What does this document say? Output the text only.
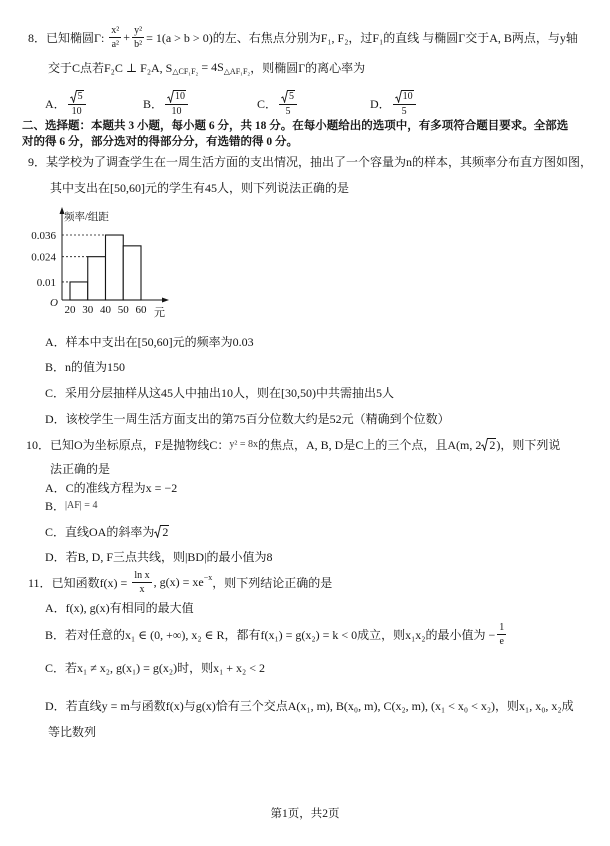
8． 已知椭圆Γ: $\frac{\text{x²}}{\text{a²}} + \frac{\text{y²}}{\text{b²}} = 1(a > b > 0)$的左、右焦点分别为F₁, F₂，过F₁的直线 与椭圆Γ交于A, B两点，与y轴
交于C点若F₂C ⊥ F₂A, S △CF₁F₂ = 4S △AF₁F₂ ，则椭圆Γ的离心率为
A． $\frac{5}{10}$	B． $\frac{10}{10}$	C． $\frac{5}{5}$	D． $\frac{10}{5}$
二、选择题：本题共 3 小题，每小题 6 分，共 18 分。在每小题给出的选项中，有多项符合题目要求。全部选
对的得 6 分，部分选对的得部分分，有选错的得 0 分。
9． 某学校为了调查学生在一周生活方面的支出情况，抽出了一个容量为n的样本，其频率分布直方图如图，
其中支出在[50,60]元的学生有45人，则下列说法正确的是
频率/组距
O
0.036
0.024
0.01
20 30 40 50 60 元
A． 样本中支出在[50,60]元的频率为0.03
B． n的值为150
C． 采用分层抽样从这45人中抽出10人，则在[30,50)中共需抽出5人
D． 该校学生一周生活方面支出的第75百分位数大约是52元（精确到个位数）
10． 已知O为坐标原点，F是抛物线C： y² = 8x 的焦点，A, B, D是C上的三个点，且A(m, 2 2 )，则下列说
法正确的是
A． C的准线方程为x = −2
B． |AF| = 4
C． 直线OA的斜率为 2
D． 若B, D, F三点共线，则|BD|的最小值为8
11． 已知函数$f(x) = \frac{\text{ln x}}{x}$ , g(x) = xe −x ，则下列结论正确的是
A． f(x), g(x)有相同的最大值
B． 若对任意的x₁ ∈ (0, +∞), x₂ ∈ R，都有f(x₁) = g(x₂) = k < 0成立，则x₁x₂的最小值为 − $\frac{1}{e}$
C． 若x₁ ≠ x₂, g(x₁) = g(x₂)时，则x₁ + x₂ < 2
D． 若直线y = m与函数f(x)与g(x)恰有三个交点A(x₁, m), B(x₀, m), C(x₂, m), (x₁ < x₀ < x₂)，则x₁, x₀, x₂成
等比数列
第1页，共2页
